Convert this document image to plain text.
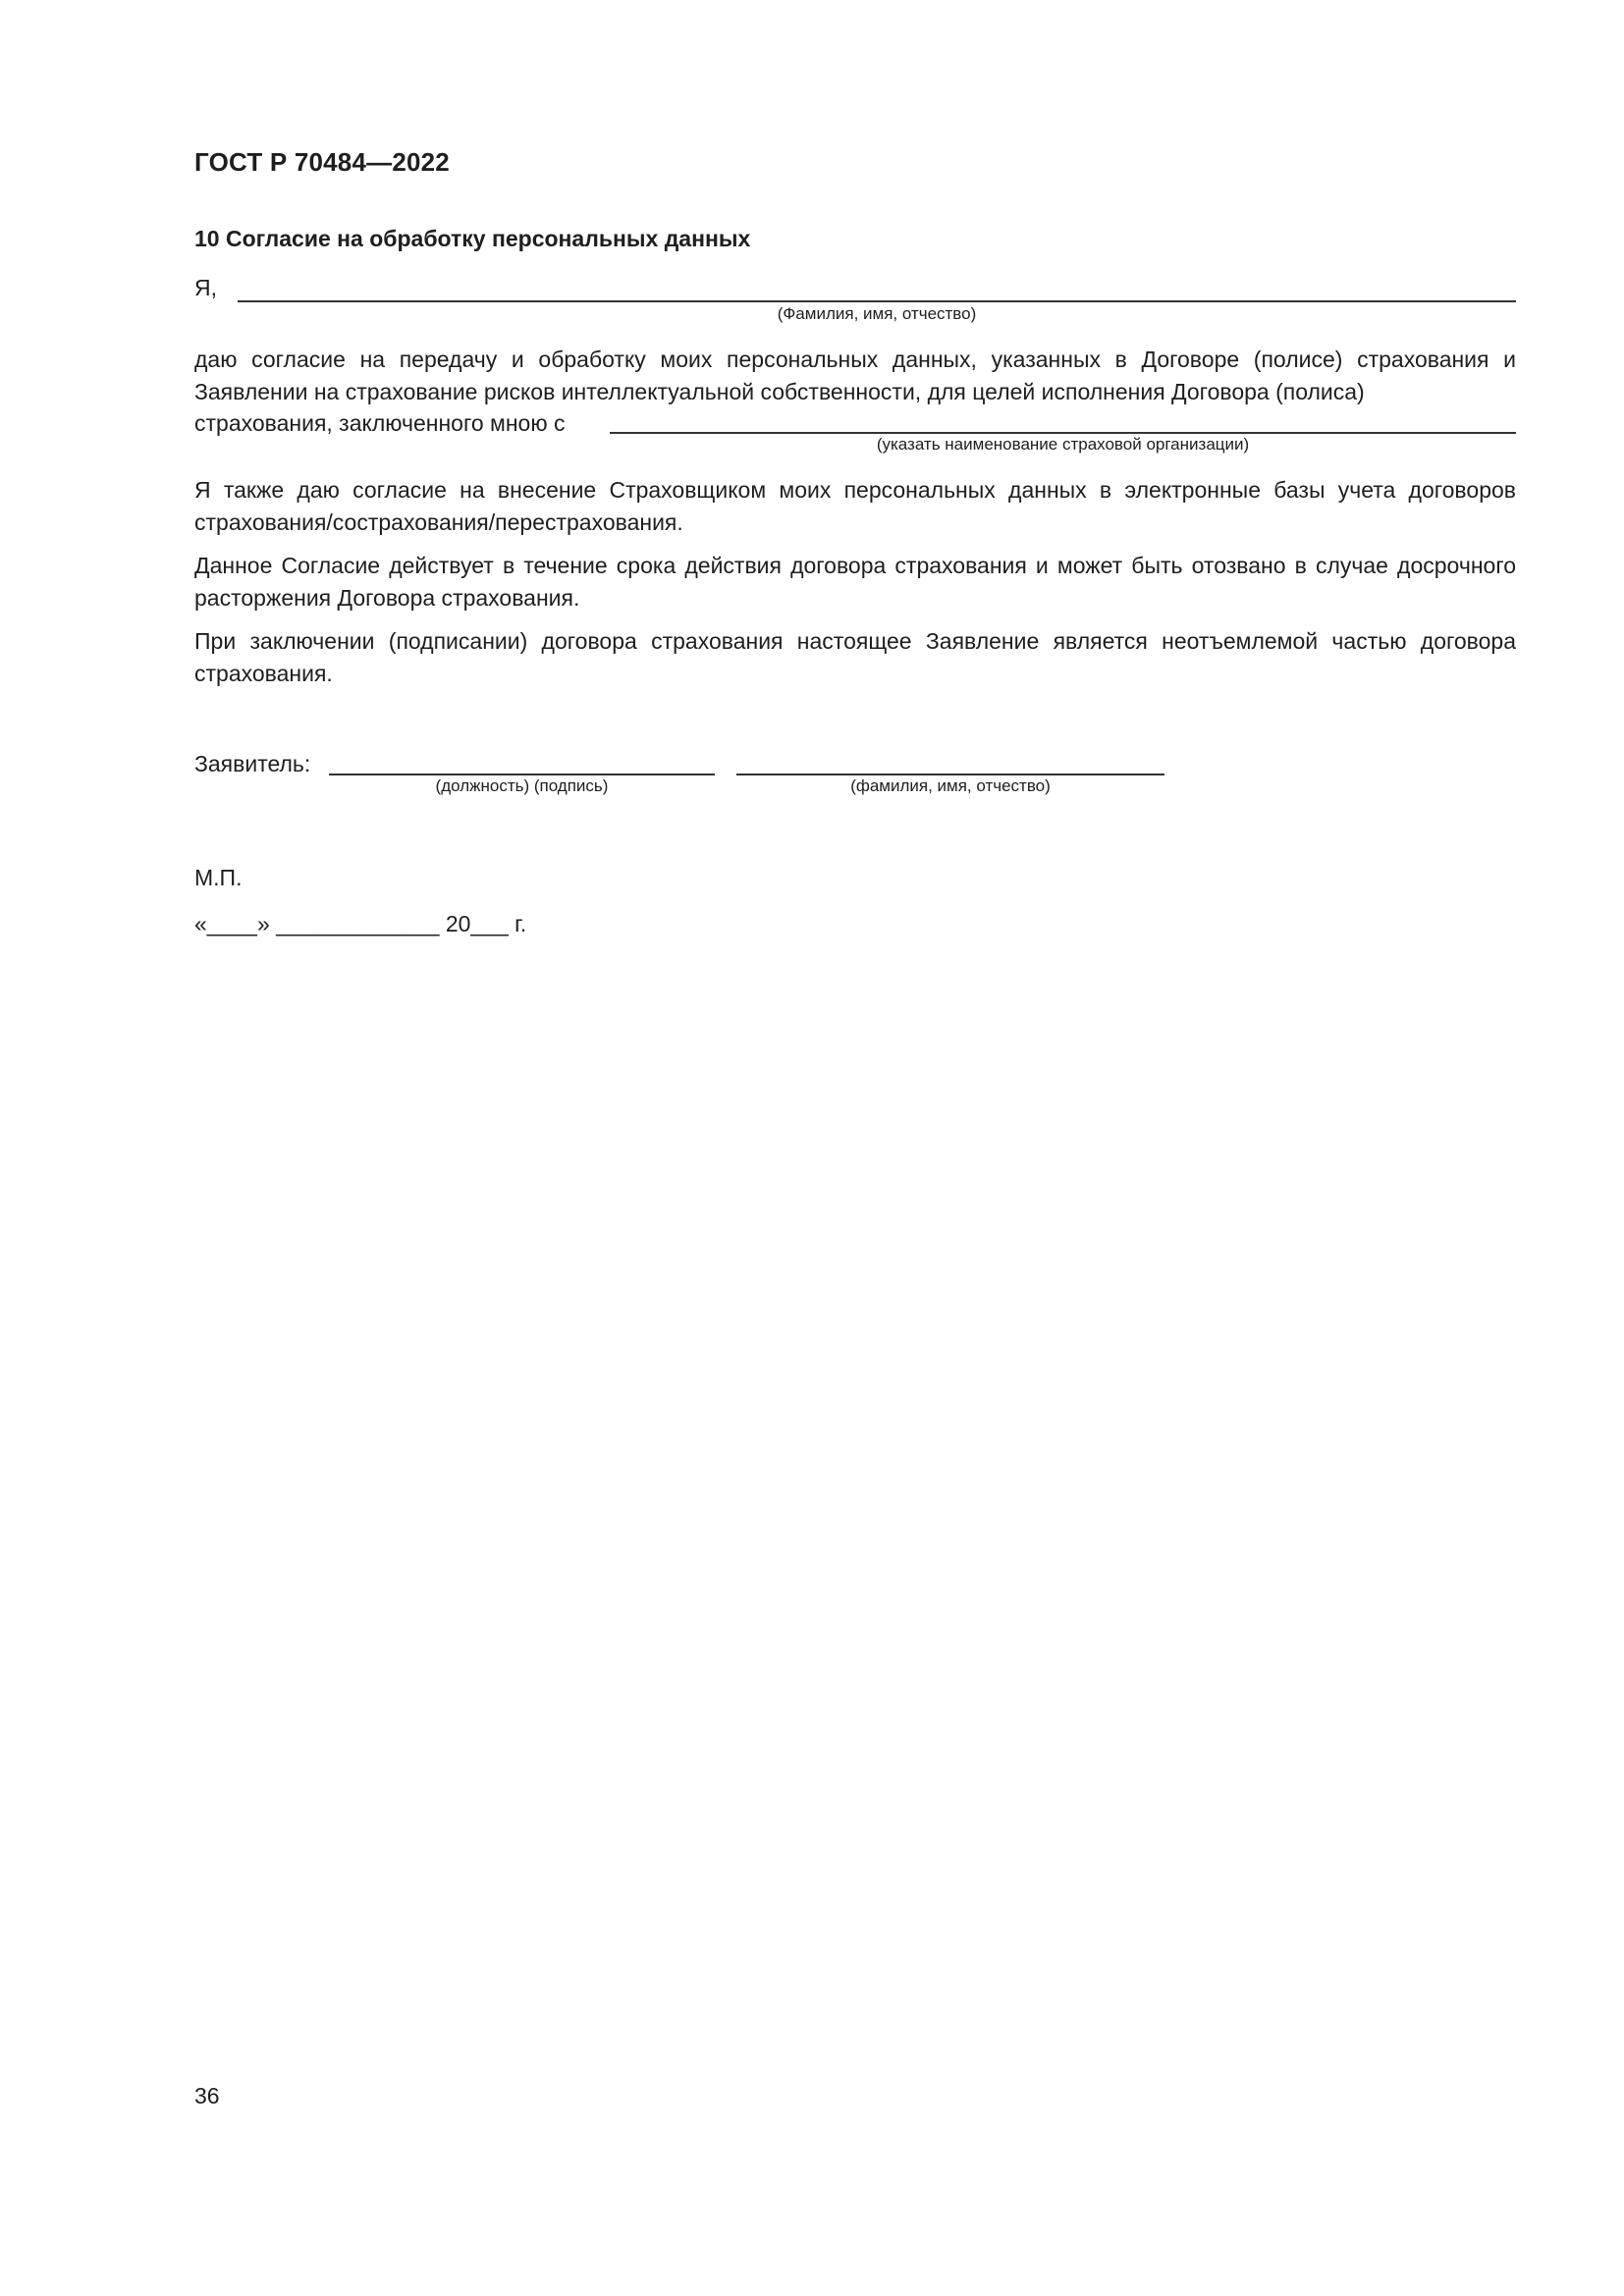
ГОСТ Р 70484—2022
10 Согласие на обработку персональных данных
Я,
(Фамилия, имя, отчество)
даю согласие на передачу и обработку моих персональных данных, указанных в Договоре (полисе) страхования и Заявлении на страхование рисков интеллектуальной собственности, для целей исполнения Договора (полиса)
страхования, заключенного мною с
(указать наименование страховой организации)
Я также даю согласие на внесение Страховщиком моих персональных данных в электронные базы учета договоров страхования/сострахования/перестрахования.
Данное Согласие действует в течение срока действия договора страхования и может быть отозвано в случае досрочного расторжения Договора страхования.
При заключении (подписании) договора страхования настоящее Заявление является неотъемлемой частью договора страхования.
Заявитель:
(должность) (подпись)	(фамилия, имя, отчество)
М.П.
«____» _____________ 20___ г.
36
